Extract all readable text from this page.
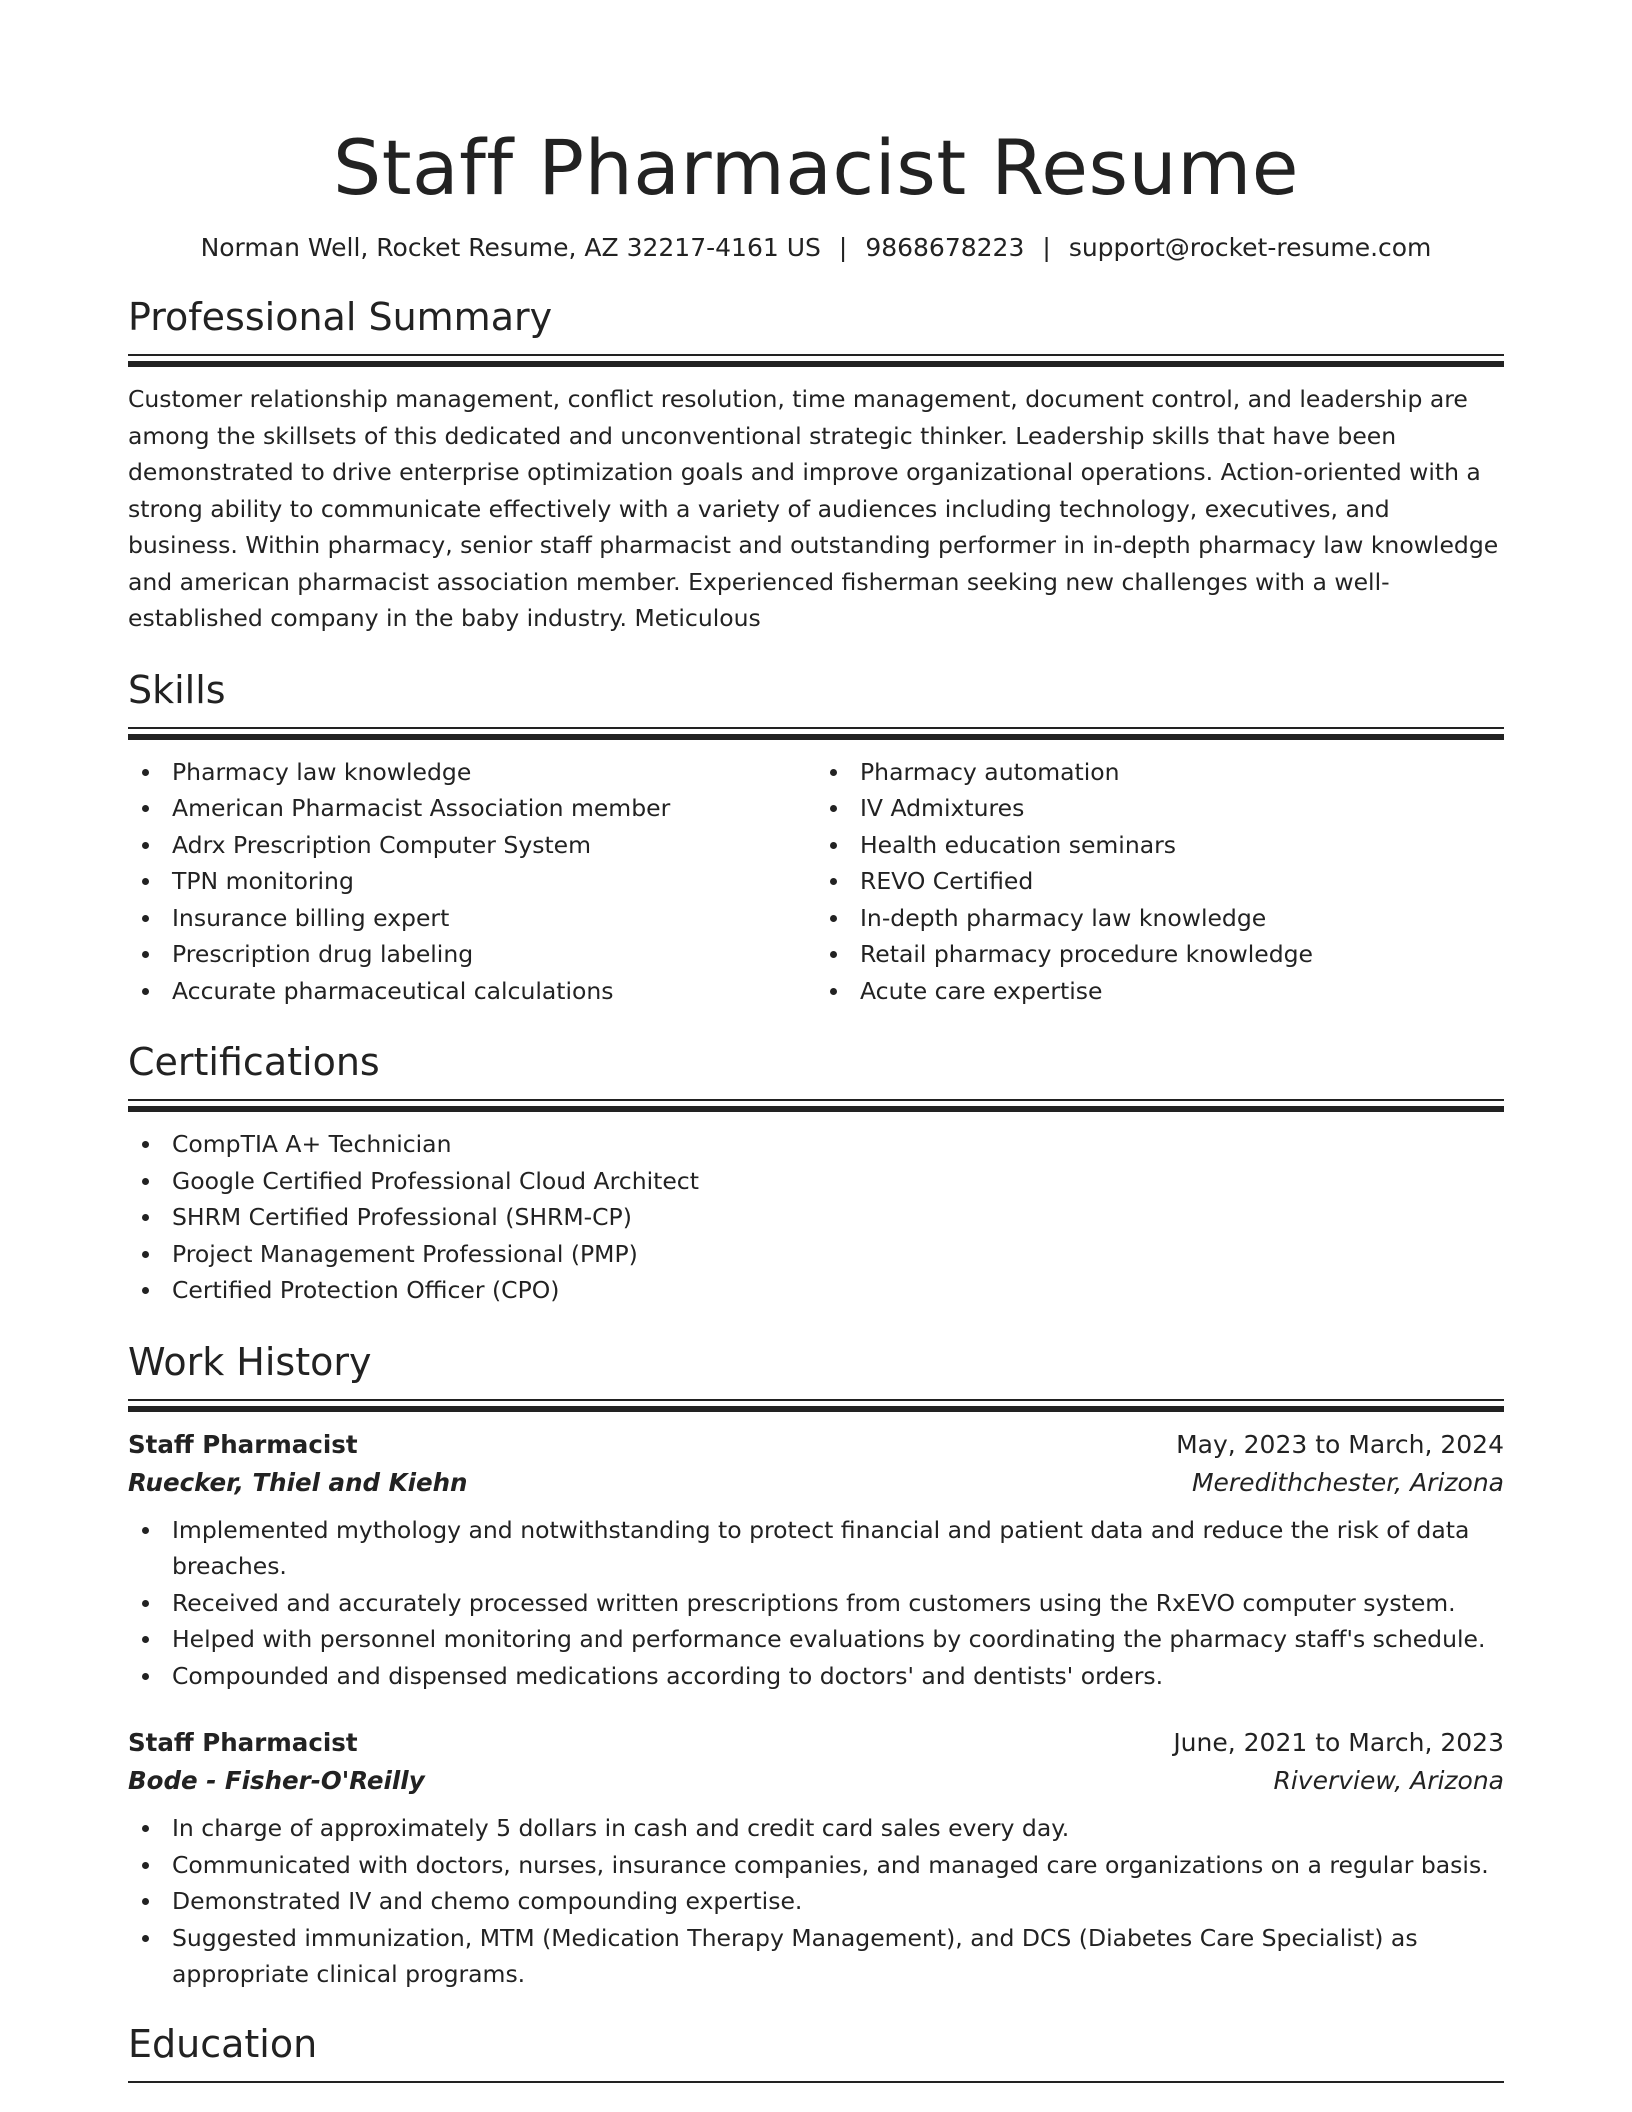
Staff Pharmacist Resume
Norman Well, Rocket Resume, AZ 32217-4161 US | 9868678223 | support@rocket-resume.com
Professional Summary

Customer relationship management, conflict resolution, time management, document control, and leadership are among the skillsets of this dedicated and unconventional strategic thinker. Leadership skills that have been demonstrated to drive enterprise optimization goals and improve organizational operations. Action-oriented with a strong ability to communicate effectively with a variety of audiences including technology, executives, and business. Within pharmacy, senior staff pharmacist and outstanding performer in in-depth pharmacy law knowledge and american pharmacist association member. Experienced fisherman seeking new challenges with a well-established company in the baby industry. Meticulous

Skills
Pharmacy law knowledge
American Pharmacist Association member
Adrx Prescription Computer System
TPN monitoring
Insurance billing expert
Prescription drug labeling
Accurate pharmaceutical calculations
Pharmacy automation
IV Admixtures
Health education seminars
REVO Certified
In-depth pharmacy law knowledge
Retail pharmacy procedure knowledge
Acute care expertise
Certifications
CompTIA A+ Technician
Google Certified Professional Cloud Architect
SHRM Certified Professional (SHRM-CP)
Project Management Professional (PMP)
Certified Protection Officer (CPO)
Work History
Staff Pharmacist	May, 2023 to March, 2024
Ruecker, Thiel and Kiehn	Meredithchester, Arizona
Implemented mythology and notwithstanding to protect financial and patient data and reduce the risk of data breaches.
Received and accurately processed written prescriptions from customers using the RxEVO computer system.
Helped with personnel monitoring and performance evaluations by coordinating the pharmacy staff's schedule.
Compounded and dispensed medications according to doctors' and dentists' orders.
Staff Pharmacist	June, 2021 to March, 2023
Bode - Fisher-O'Reilly	Riverview, Arizona
In charge of approximately 5 dollars in cash and credit card sales every day.
Communicated with doctors, nurses, insurance companies, and managed care organizations on a regular basis.
Demonstrated IV and chemo compounding expertise.
Suggested immunization, MTM (Medication Therapy Management), and DCS (Diabetes Care Specialist) as appropriate clinical programs.
Education
